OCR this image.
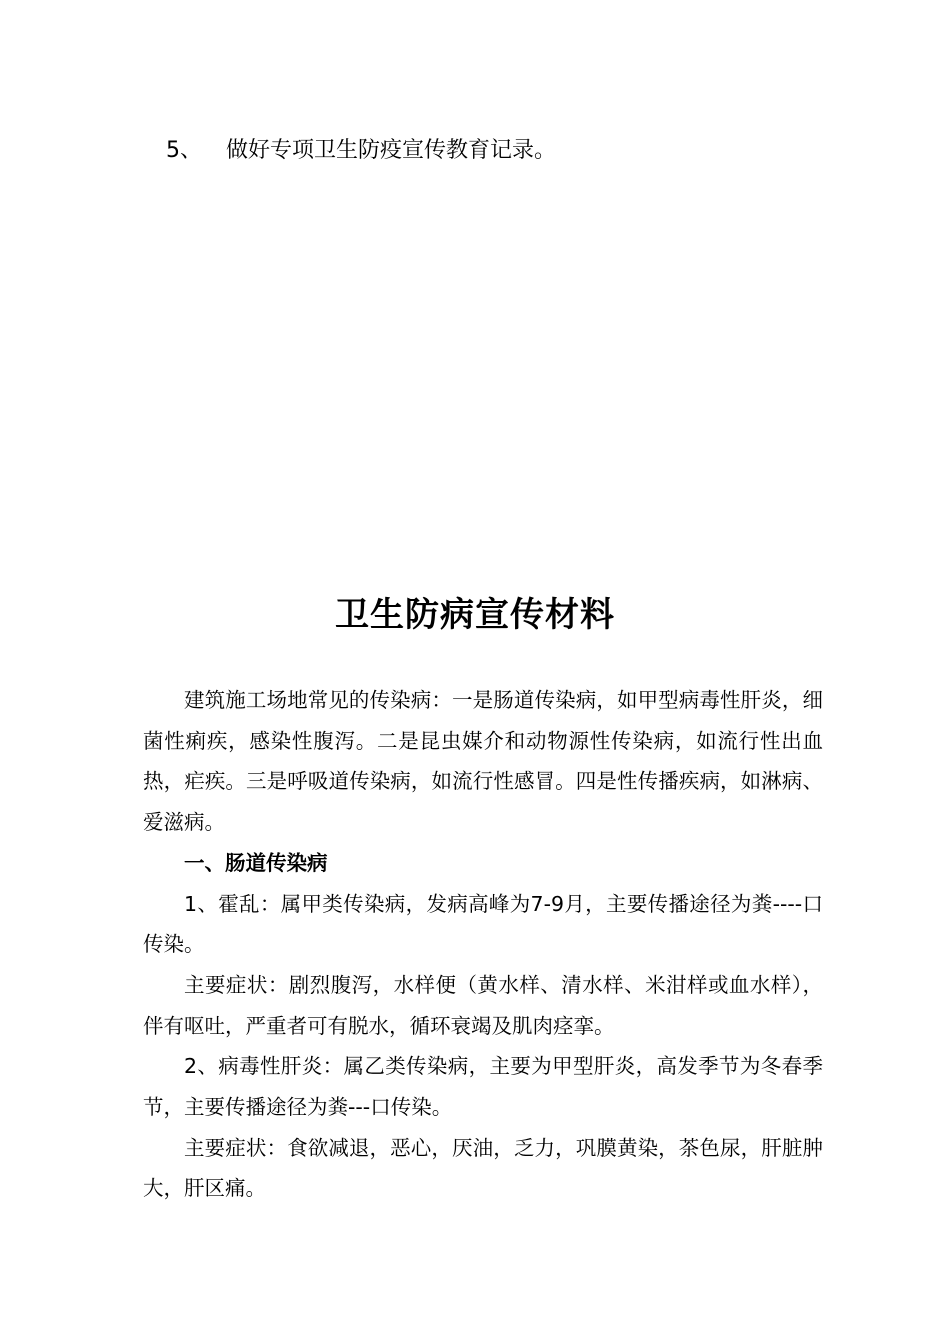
5、 做好专项卫生防疫宣传教育记录。
卫生防病宣传材料

建筑施工场地常见的传染病：一是肠道传染病，如甲型病毒性肝炎，细菌性痢疾，感染性腹泻。二是昆虫媒介和动物源性传染病，如流行性出血热，疟疾。三是呼吸道传染病，如流行性感冒。四是性传播疾病，如淋病、爱滋病。

一、肠道传染病

1、霍乱：属甲类传染病，发病高峰为7-9月，主要传播途径为粪----口传染。

主要症状：剧烈腹泻，水样便（黄水样、清水样、米泔样或血水样），伴有呕吐，严重者可有脱水，循环衰竭及肌肉痉挛。

2、病毒性肝炎：属乙类传染病，主要为甲型肝炎，高发季节为冬春季节，主要传播途径为粪---口传染。

主要症状：食欲减退，恶心，厌油，乏力，巩膜黄染，茶色尿，肝脏肿大，肝区痛。
